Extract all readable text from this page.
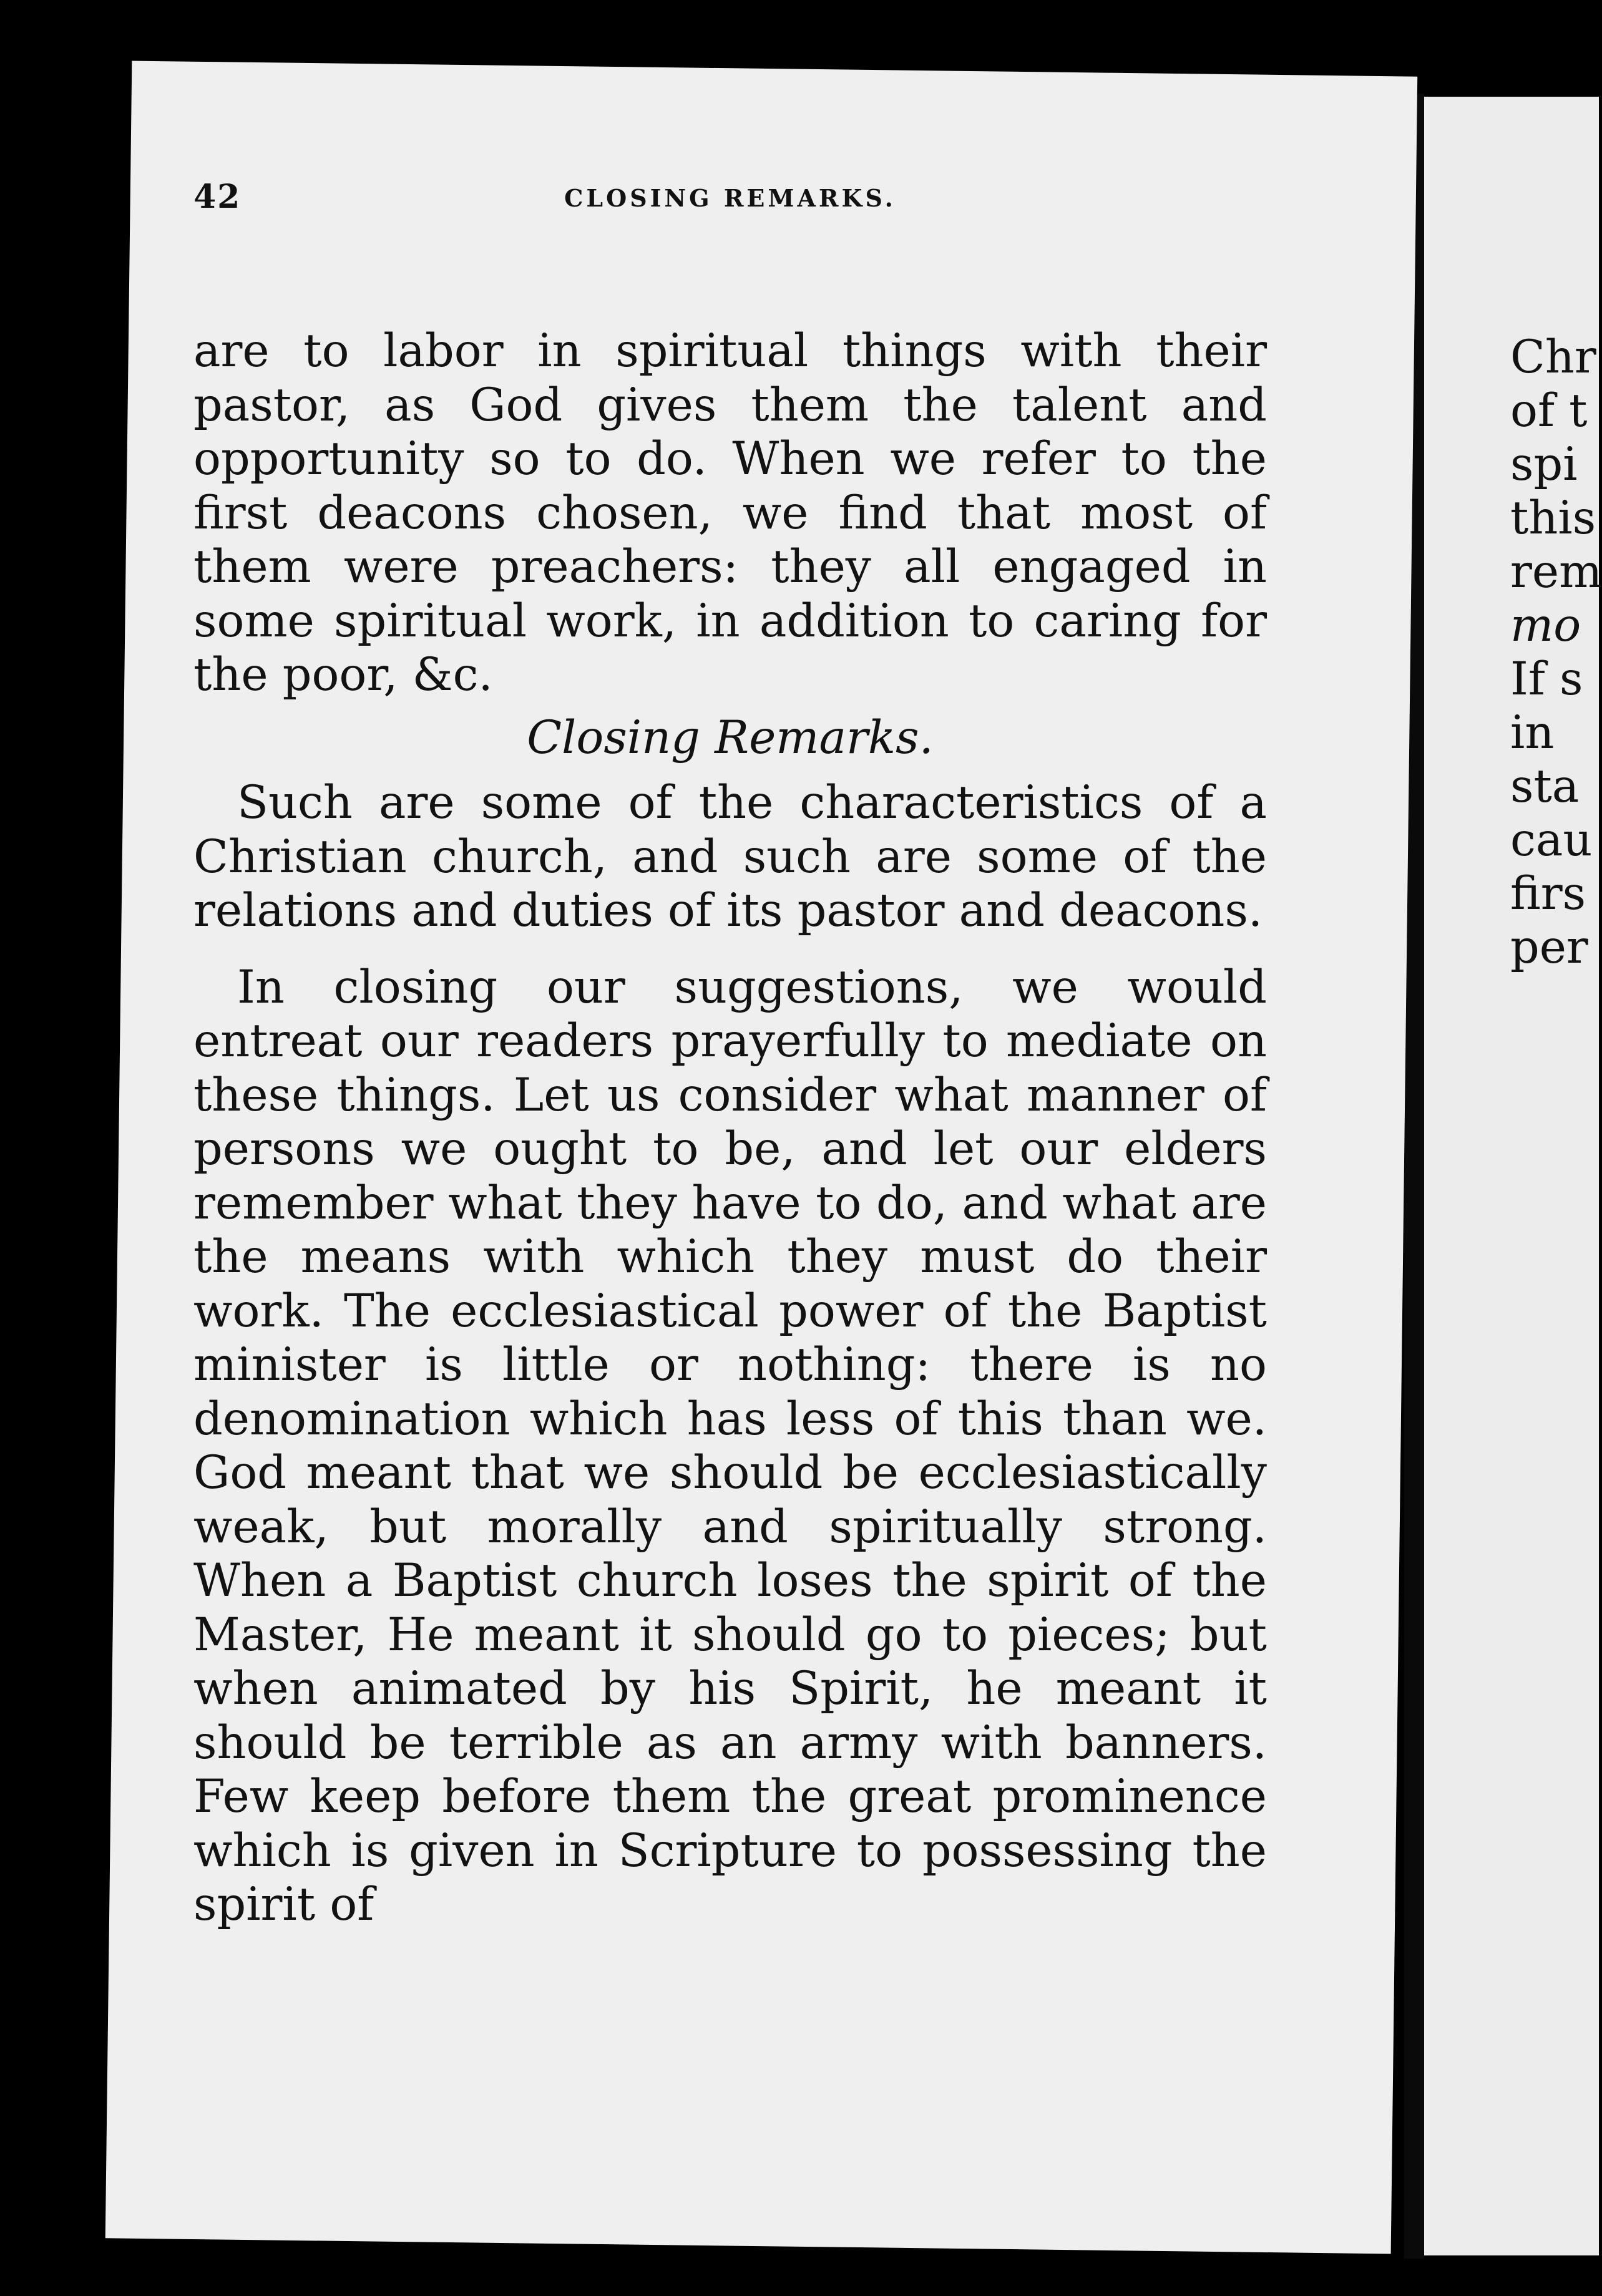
42	CLOSING REMARKS.

are to labor in spiritual things with their pastor, as God gives them the talent and opportunity so to do. When we refer to the first deacons chosen, we find that most of them were preachers: they all engaged in some spiritual work, in addition to caring for the poor, &c.

Closing Remarks.

Such are some of the characteristics of a Christian church, and such are some of the relations and duties of its pastor and deacons.

In closing our suggestions, we would entreat our readers prayerfully to mediate on these things. Let us consider what manner of persons we ought to be, and let our elders remember what they have to do, and what are the means with which they must do their work. The ecclesiastical power of the Baptist minister is little or nothing: there is no denomination which has less of this than we. God meant that we should be ecclesiastically weak, but morally and spiritually strong. When a Baptist church loses the spirit of the Master, He meant it should go to pieces; but when animated by his Spirit, he meant it should be terrible as an army with banners. Few keep before them the great prominence which is given in Scripture to possessing the spirit of

Chr
of t
spi
this
rem
mo
If s
in
sta
cau
firs
per
